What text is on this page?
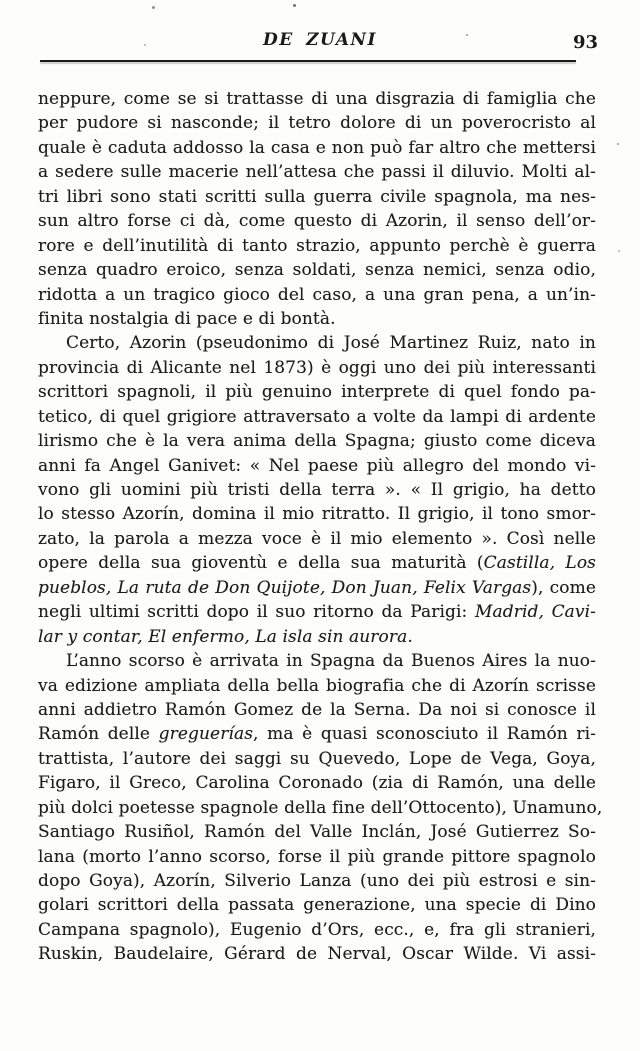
DE ZUANI	93
neppure, come se si trattasse di una disgrazia di famiglia che
per pudore si nasconde; il tetro dolore di un poverocristo al
quale è caduta addosso la casa e non può far altro che mettersi
a sedere sulle macerie nell’attesa che passi il diluvio. Molti al-
tri libri sono stati scritti sulla guerra civile spagnola, ma nes-
sun altro forse ci dà, come questo di Azorin, il senso dell’or-
rore e dell’inutilità di tanto strazio, appunto perchè è guerra
senza quadro eroico, senza soldati, senza nemici, senza odio,
ridotta a un tragico gioco del caso, a una gran pena, a un’in-
finita nostalgia di pace e di bontà.
Certo, Azorin (pseudonimo di José Martinez Ruiz, nato in
provincia di Alicante nel 1873) è oggi uno dei più interessanti
scrittori spagnoli, il più genuino interprete di quel fondo pa-
tetico, di quel grigiore attraversato a volte da lampi di ardente
lirismo che è la vera anima della Spagna; giusto come diceva
anni fa Angel Ganivet: « Nel paese più allegro del mondo vi-
vono gli uomini più tristi della terra ». « Il grigio, ha detto
lo stesso Azorín, domina il mio ritratto. Il grigio, il tono smor-
zato, la parola a mezza voce è il mio elemento ». Così nelle
opere della sua gioventù e della sua maturità (Castilla, Los
pueblos, La ruta de Don Quijote, Don Juan, Felix Vargas), come
negli ultimi scritti dopo il suo ritorno da Parigi: Madrid, Cavi-
lar y contar, El enfermo, La isla sin aurora.
L’anno scorso è arrivata in Spagna da Buenos Aires la nuo-
va edizione ampliata della bella biografia che di Azorín scrisse
anni addietro Ramón Gomez de la Serna. Da noi si conosce il
Ramón delle greguerías, ma è quasi sconosciuto il Ramón ri-
trattista, l’autore dei saggi su Quevedo, Lope de Vega, Goya,
Figaro, il Greco, Carolina Coronado (zia di Ramón, una delle
più dolci poetesse spagnole della fine dell’Ottocento), Unamuno,
Santiago Rusiñol, Ramón del Valle Inclán, José Gutierrez So-
lana (morto l’anno scorso, forse il più grande pittore spagnolo
dopo Goya), Azorín, Silverio Lanza (uno dei più estrosi e sin-
golari scrittori della passata generazione, una specie di Dino
Campana spagnolo), Eugenio d’Ors, ecc., e, fra gli stranieri,
Ruskin, Baudelaire, Gérard de Nerval, Oscar Wilde. Vi assi-
